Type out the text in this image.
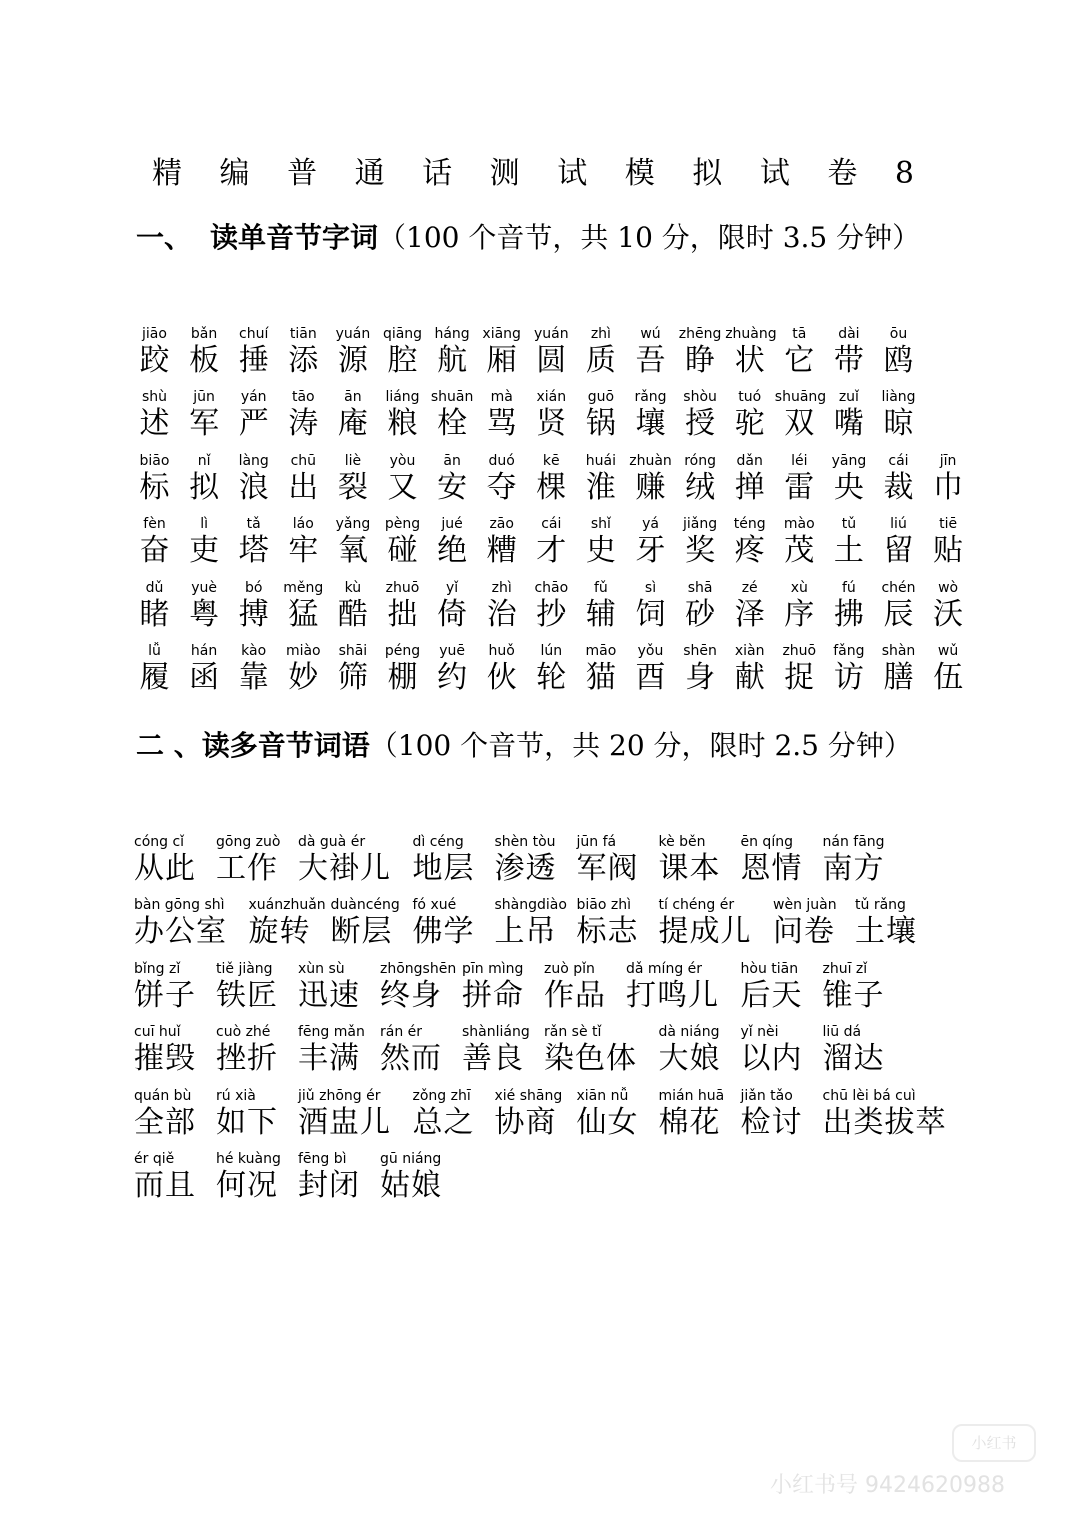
精 编 普 通 话 测 试 模 拟 试 卷 8
一、 读单音节字词（100 个音节，共 10 分，限时 3.5 分钟）
jiāo
跤
bǎn
板
chuí
捶
tiān
添
yuán
源
qiāng
腔
háng
航
xiāng
厢
yuán
圆
zhì
质
wú
吾
zhēng
睁
zhuàng
状
tā
它
dài
带
ōu
鸥
shù
述
jūn
军
yán
严
tāo
涛
ān
庵
liáng
粮
shuān
栓
mà
骂
xián
贤
guō
锅
rǎng
壤
shòu
授
tuó
驼
shuāng
双
zuǐ
嘴
liàng
晾
biāo
标
nǐ
拟
làng
浪
chū
出
liè
裂
yòu
又
ān
安
duó
夺
kē
棵
huái
淮
zhuàn
赚
róng
绒
dǎn
掸
léi
雷
yāng
央
cái
裁
jīn
巾
fèn
奋
lì
吏
tǎ
塔
láo
牢
yǎng
氧
pèng
碰
jué
绝
zāo
糟
cái
才
shǐ
史
yá
牙
jiǎng
奖
téng
疼
mào
茂
tǔ
土
liú
留
tiē
贴
dǔ
睹
yuè
粤
bó
搏
měng
猛
kù
酷
zhuō
拙
yǐ
倚
zhì
治
chāo
抄
fǔ
辅
sì
饲
shā
砂
zé
泽
xù
序
fú
拂
chén
辰
wò
沃
lǚ
履
hán
函
kào
靠
miào
妙
shāi
筛
péng
棚
yuē
约
huǒ
伙
lún
轮
māo
猫
yǒu
酉
shēn
身
xiàn
献
zhuō
捉
fǎng
访
shàn
膳
wǔ
伍
二 、读多音节词语（100 个音节，共 20 分，限时 2.5 分钟）
cóng cǐ
从此
gōng zuò
工作
dà guà ér
大褂儿
dì céng
地层
shèn tòu
渗透
jūn fá
军阀
kè běn
课本
ēn qíng
恩情
nán fāng
南方
bàn gōng shì
办公室
xuánzhuǎn
旋转
duàncéng
断层
fó xué
佛学
shàngdiào
上吊
biāo zhì
标志
tí chéng ér
提成儿
wèn juàn
问卷
tǔ rǎng
土壤
bǐng zǐ
饼子
tiě jiàng
铁匠
xùn sù
迅速
zhōngshēn
终身
pīn mìng
拼命
zuò pǐn
作品
dǎ míng ér
打鸣儿
hòu tiān
后天
zhuī zǐ
锥子
cuī huǐ
摧毁
cuò zhé
挫折
fēng mǎn
丰满
rán ér
然而
shànliáng
善良
rǎn sè tǐ
染色体
dà niáng
大娘
yǐ nèi
以内
liū dá
溜达
quán bù
全部
rú xià
如下
jiǔ zhōng ér
酒盅儿
zǒng zhī
总之
xié shāng
协商
xiān nǚ
仙女
mián huā
棉花
jiǎn tǎo
检讨
chū lèi bá cuì
出类拔萃
ér qiě
而且
hé kuàng
何况
fēng bì
封闭
gū niáng
姑娘
小红书
小红书号 9424620988
